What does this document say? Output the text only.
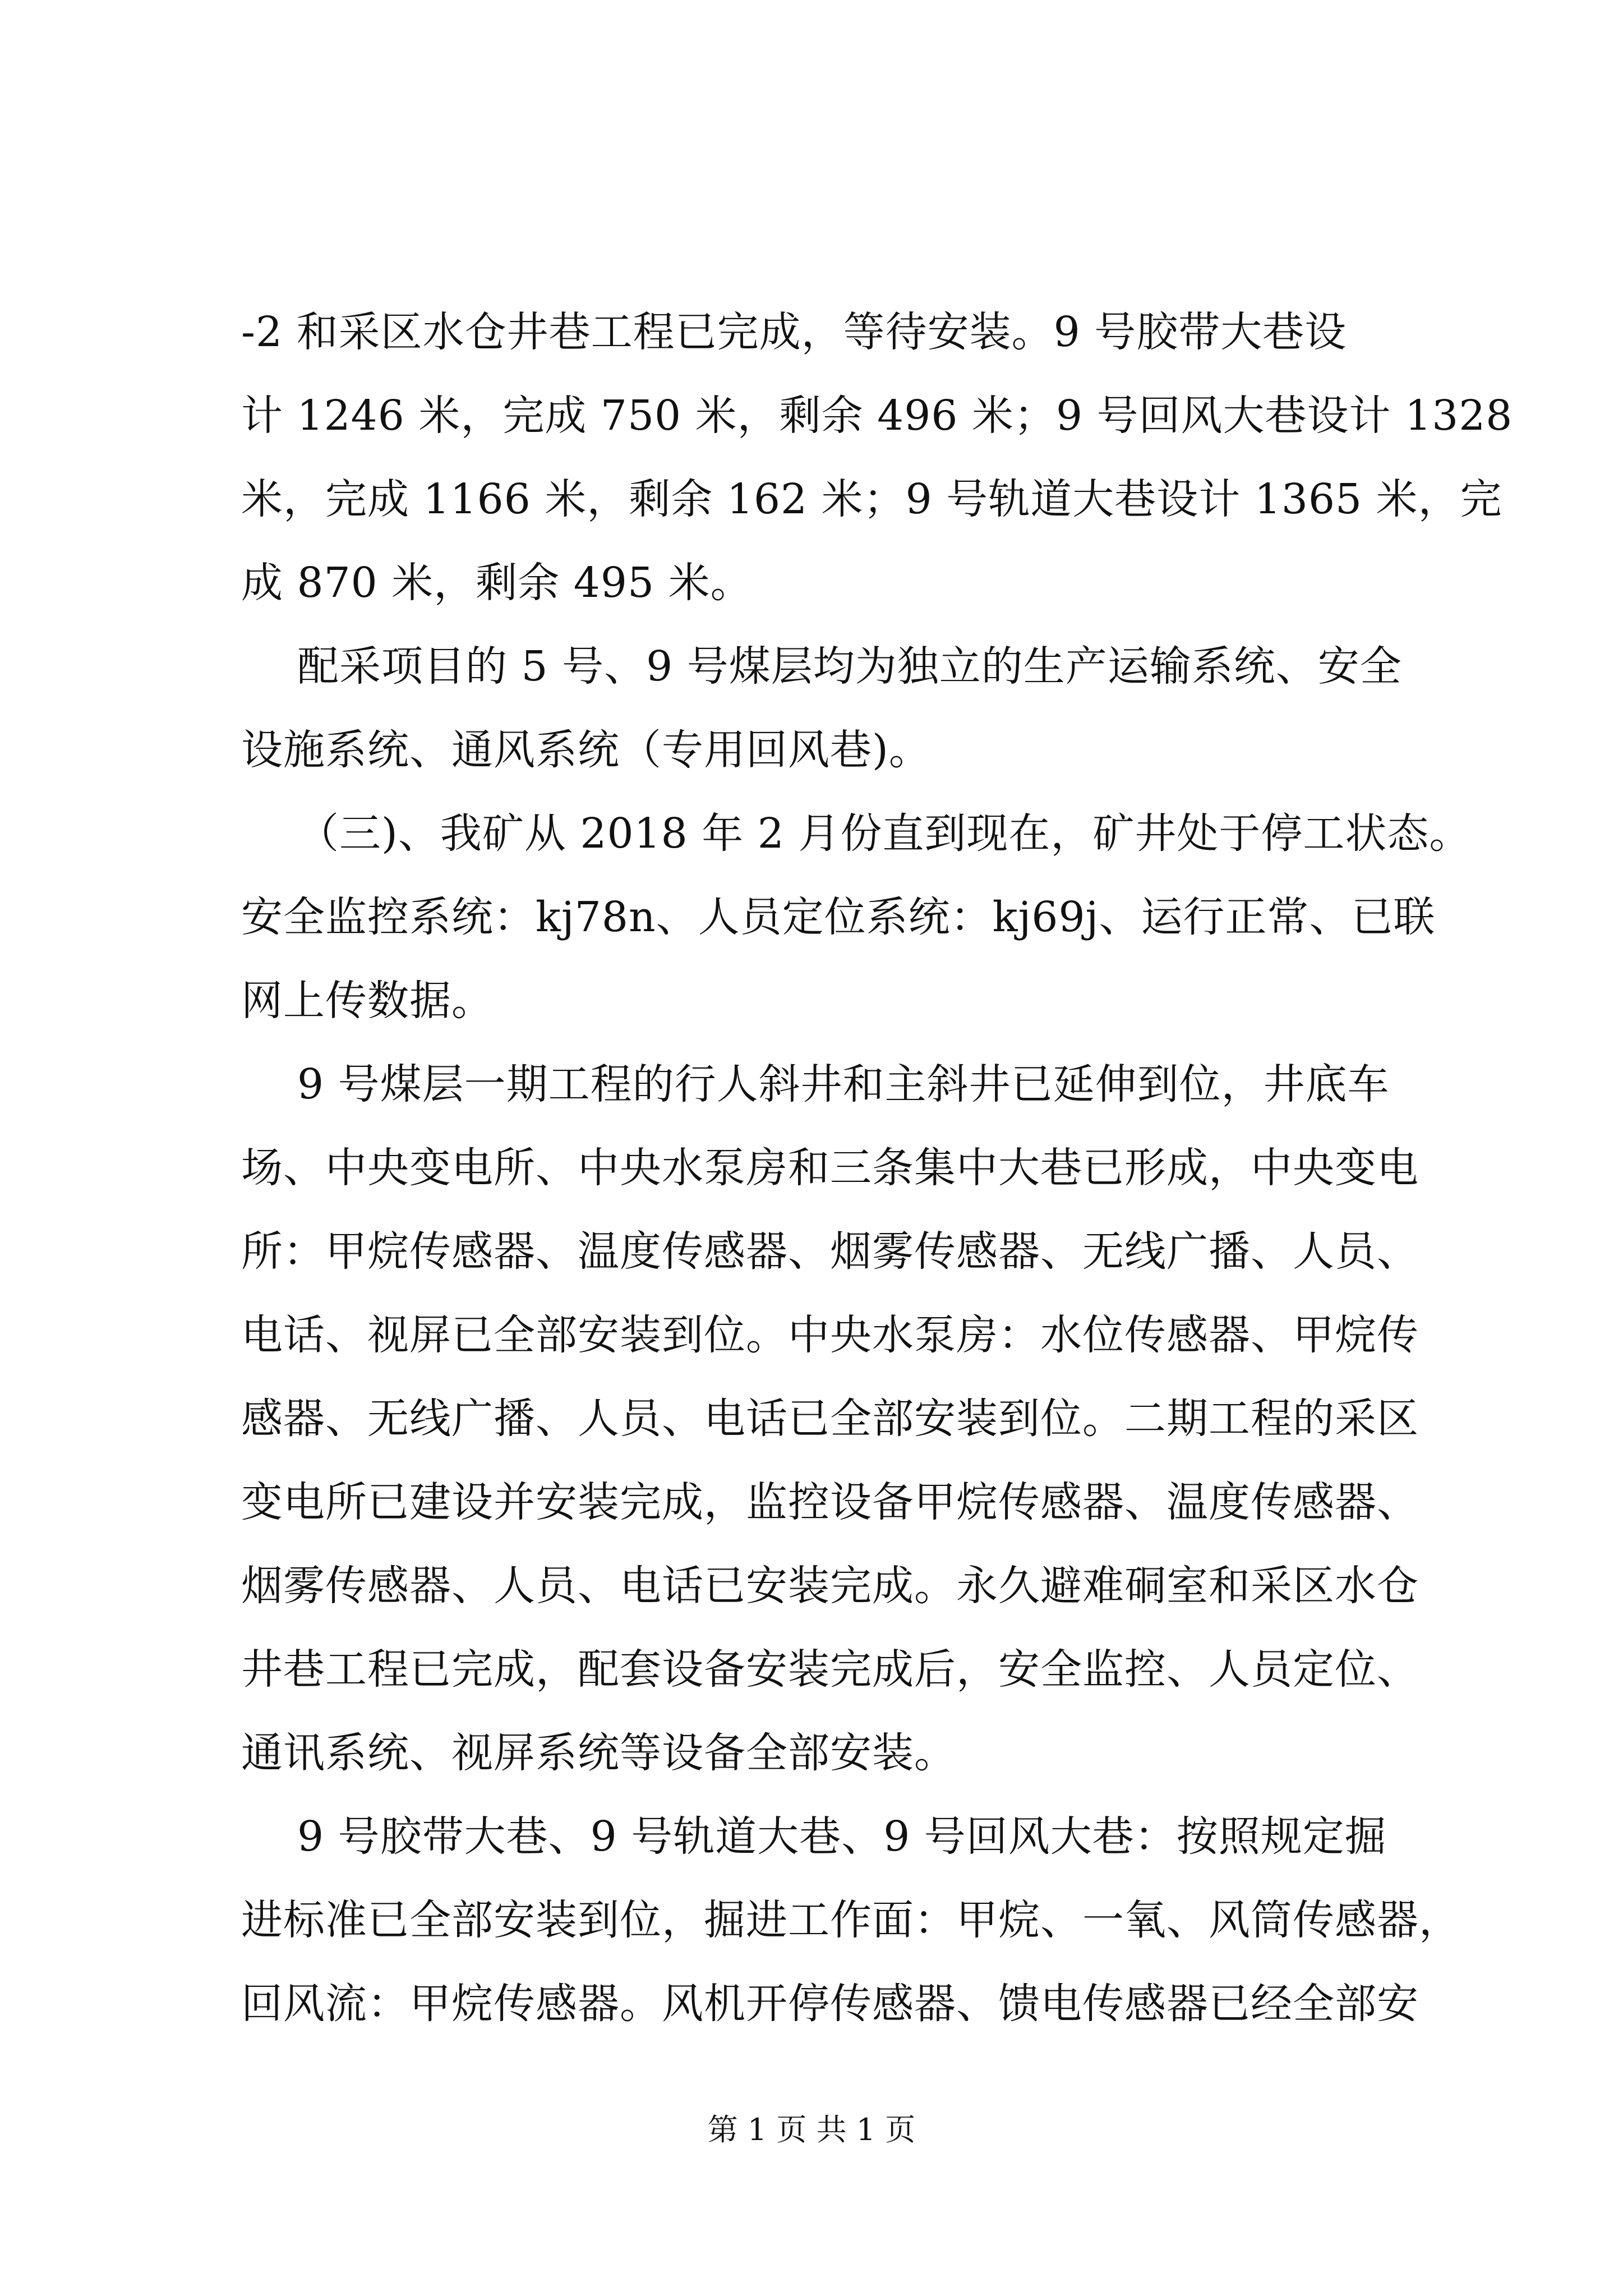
-2 和采区水仓井巷工程已完成，等待安装。9 号胶带大巷设
计 1246 米，完成 750 米，剩余 496 米；9 号回风大巷设计 1328
米，完成 1166 米，剩余 162 米；9 号轨道大巷设计 1365 米，完
成 870 米，剩余 495 米。
配采项目的 5 号、9 号煤层均为独立的生产运输系统、安全
设施系统、通风系统（专用回风巷)。
（三)、我矿从 2018 年 2 月份直到现在，矿井处于停工状态。
安全监控系统：kj78n、人员定位系统：kj69j、运行正常、已联
网上传数据。
9 号煤层一期工程的行人斜井和主斜井已延伸到位，井底车
场、中央变电所、中央水泵房和三条集中大巷已形成，中央变电
所：甲烷传感器、温度传感器、烟雾传感器、无线广播、人员、
电话、视屏已全部安装到位。中央水泵房：水位传感器、甲烷传
感器、无线广播、人员、电话已全部安装到位。二期工程的采区
变电所已建设并安装完成，监控设备甲烷传感器、温度传感器、
烟雾传感器、人员、电话已安装完成。永久避难硐室和采区水仓
井巷工程已完成，配套设备安装完成后，安全监控、人员定位、
通讯系统、视屏系统等设备全部安装。
9 号胶带大巷、9 号轨道大巷、9 号回风大巷：按照规定掘
进标准已全部安装到位，掘进工作面：甲烷、一氧、风筒传感器，
回风流：甲烷传感器。风机开停传感器、馈电传感器已经全部安
第 1 页 共 1 页
